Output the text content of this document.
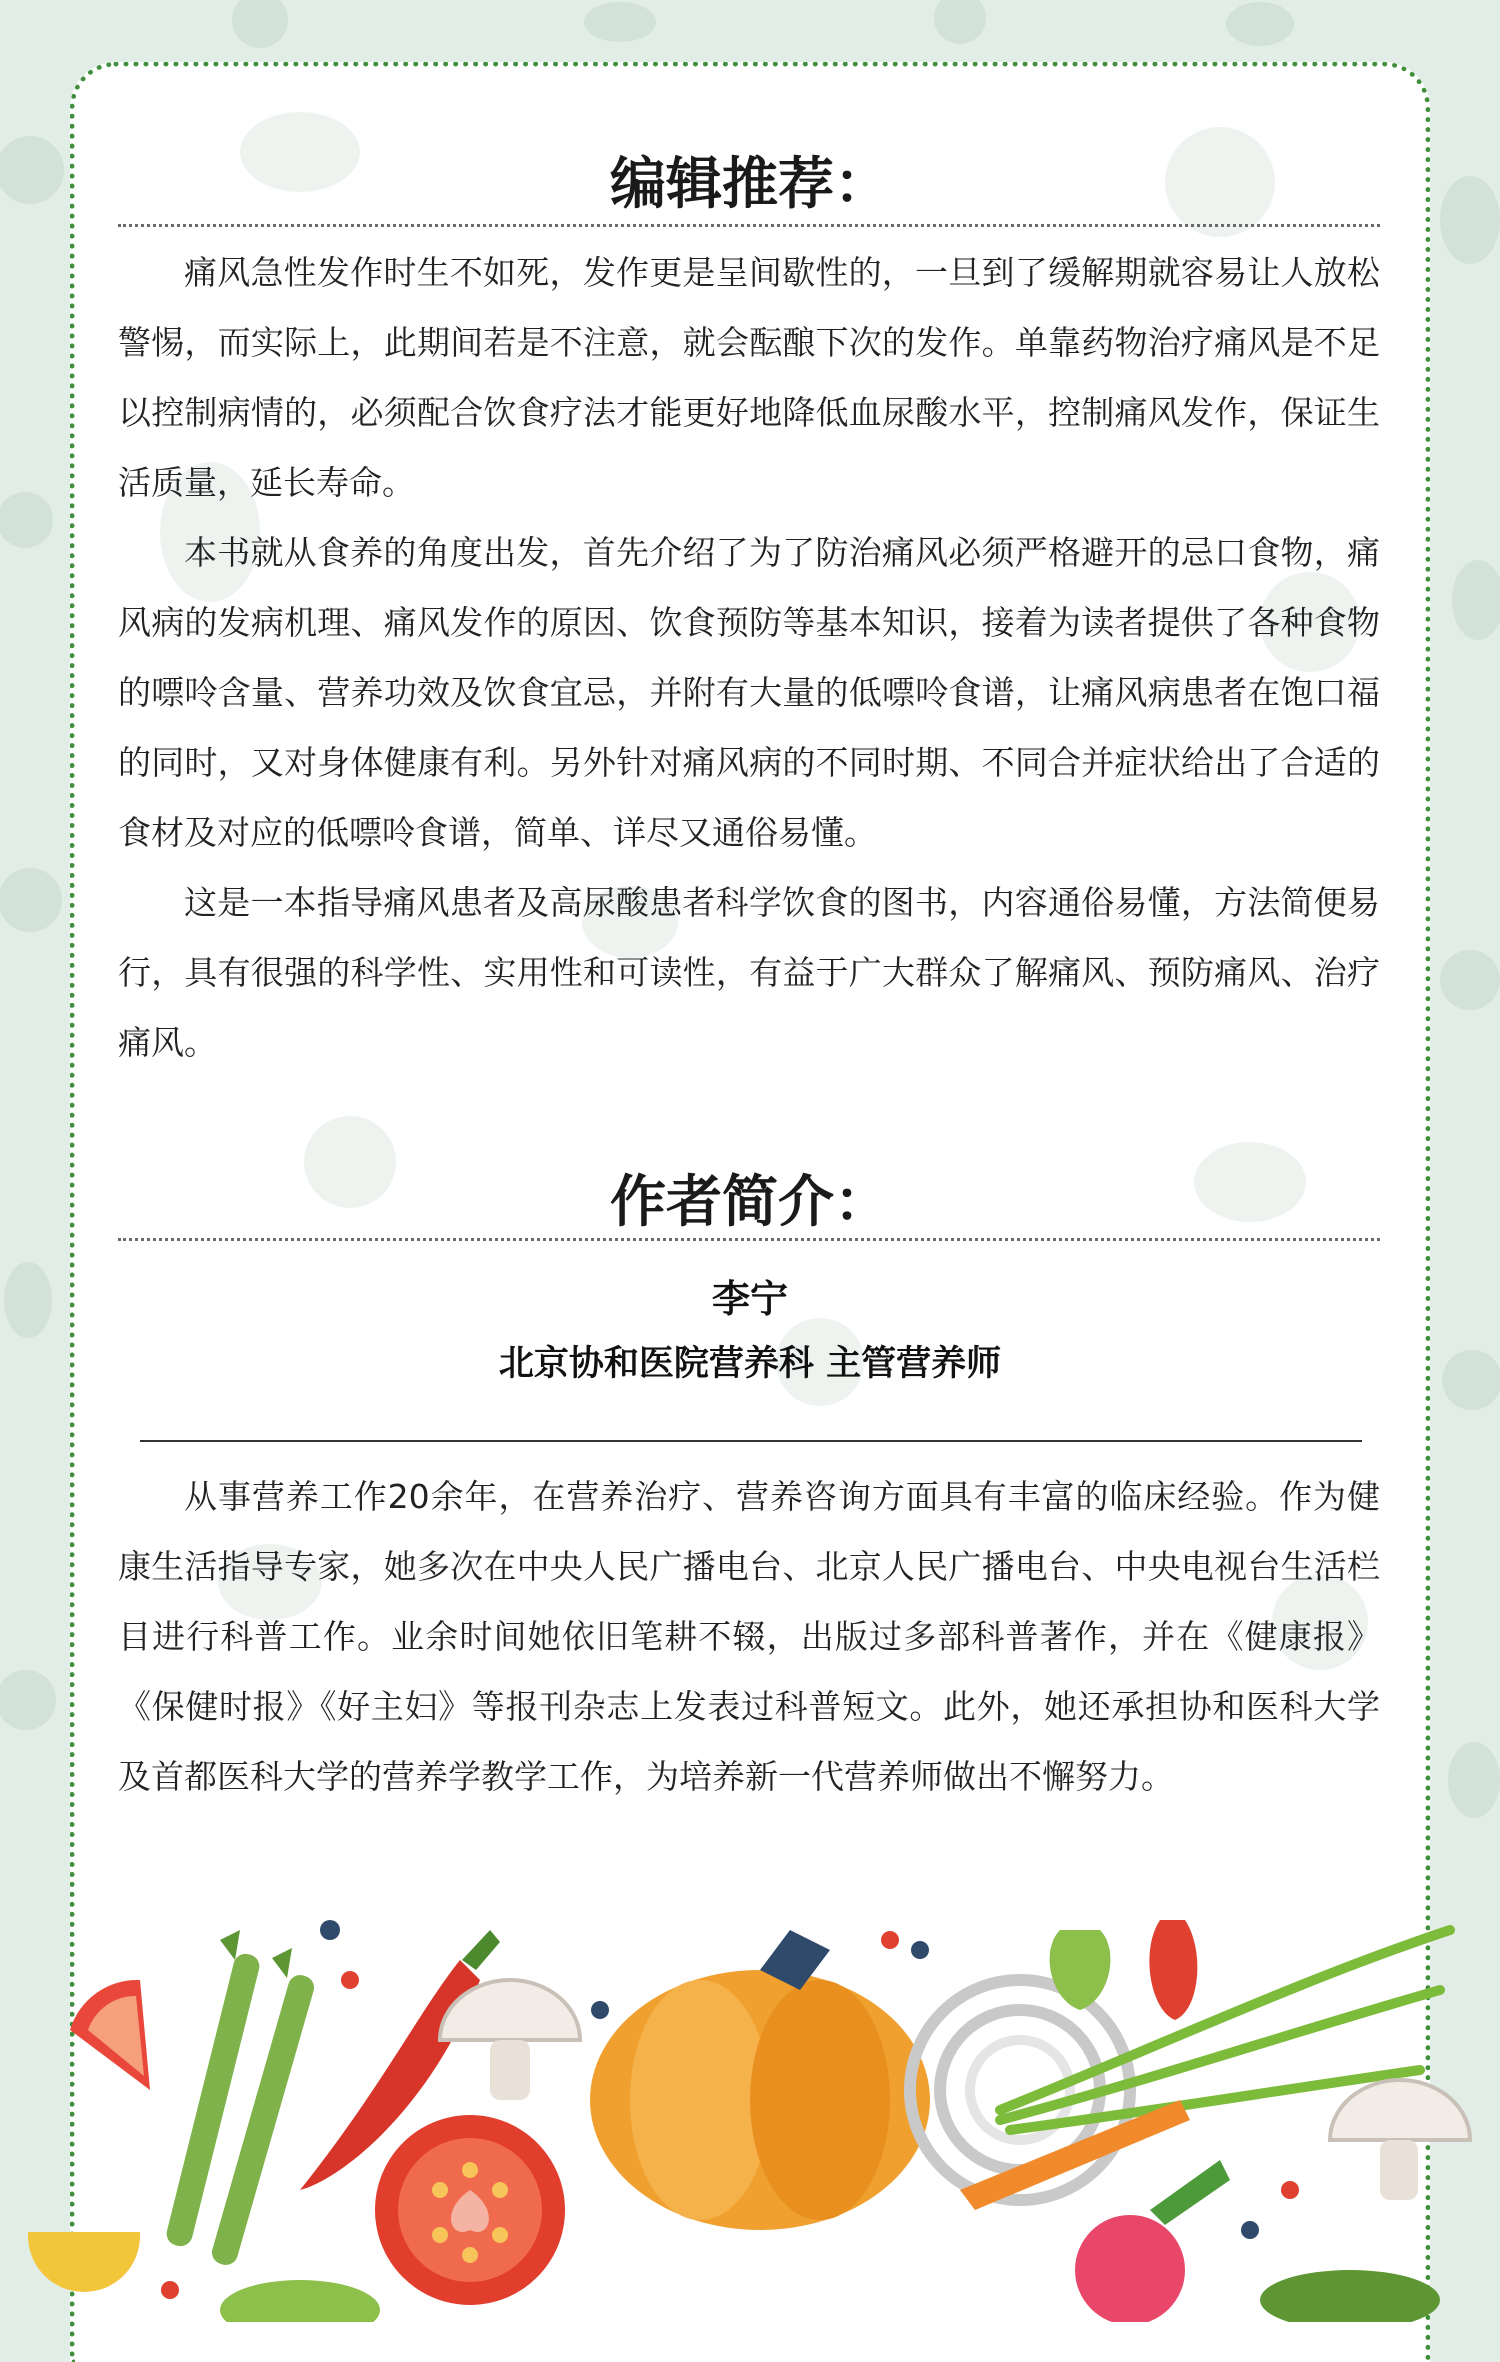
编辑推荐：

痛风急性发作时生不如死，发作更是呈间歇性的，一旦到了缓解期就容易让人放松警惕，而实际上，此期间若是不注意，就会酝酿下次的发作。单靠药物治疗痛风是不足以控制病情的，必须配合饮食疗法才能更好地降低血尿酸水平，控制痛风发作，保证生活质量，延长寿命。

本书就从食养的角度出发，首先介绍了为了防治痛风必须严格避开的忌口食物，痛风病的发病机理、痛风发作的原因、饮食预防等基本知识，接着为读者提供了各种食物的嘌呤含量、营养功效及饮食宜忌，并附有大量的低嘌呤食谱，让痛风病患者在饱口福的同时，又对身体健康有利。另外针对痛风病的不同时期、不同合并症状给出了合适的食材及对应的低嘌呤食谱，简单、详尽又通俗易懂。

这是一本指导痛风患者及高尿酸患者科学饮食的图书，内容通俗易懂，方法简便易行，具有很强的科学性、实用性和可读性，有益于广大群众了解痛风、预防痛风、治疗痛风。

作者简介：
李宁
北京协和医院营养科 主管营养师

从事营养工作20余年，在营养治疗、营养咨询方面具有丰富的临床经验。作为健康生活指导专家，她多次在中央人民广播电台、北京人民广播电台、中央电视台生活栏目进行科普工作。业余时间她依旧笔耕不辍，出版过多部科普著作，并在《健康报》《保健时报》《好主妇》等报刊杂志上发表过科普短文。此外，她还承担协和医科大学及首都医科大学的营养学教学工作，为培养新一代营养师做出不懈努力。
